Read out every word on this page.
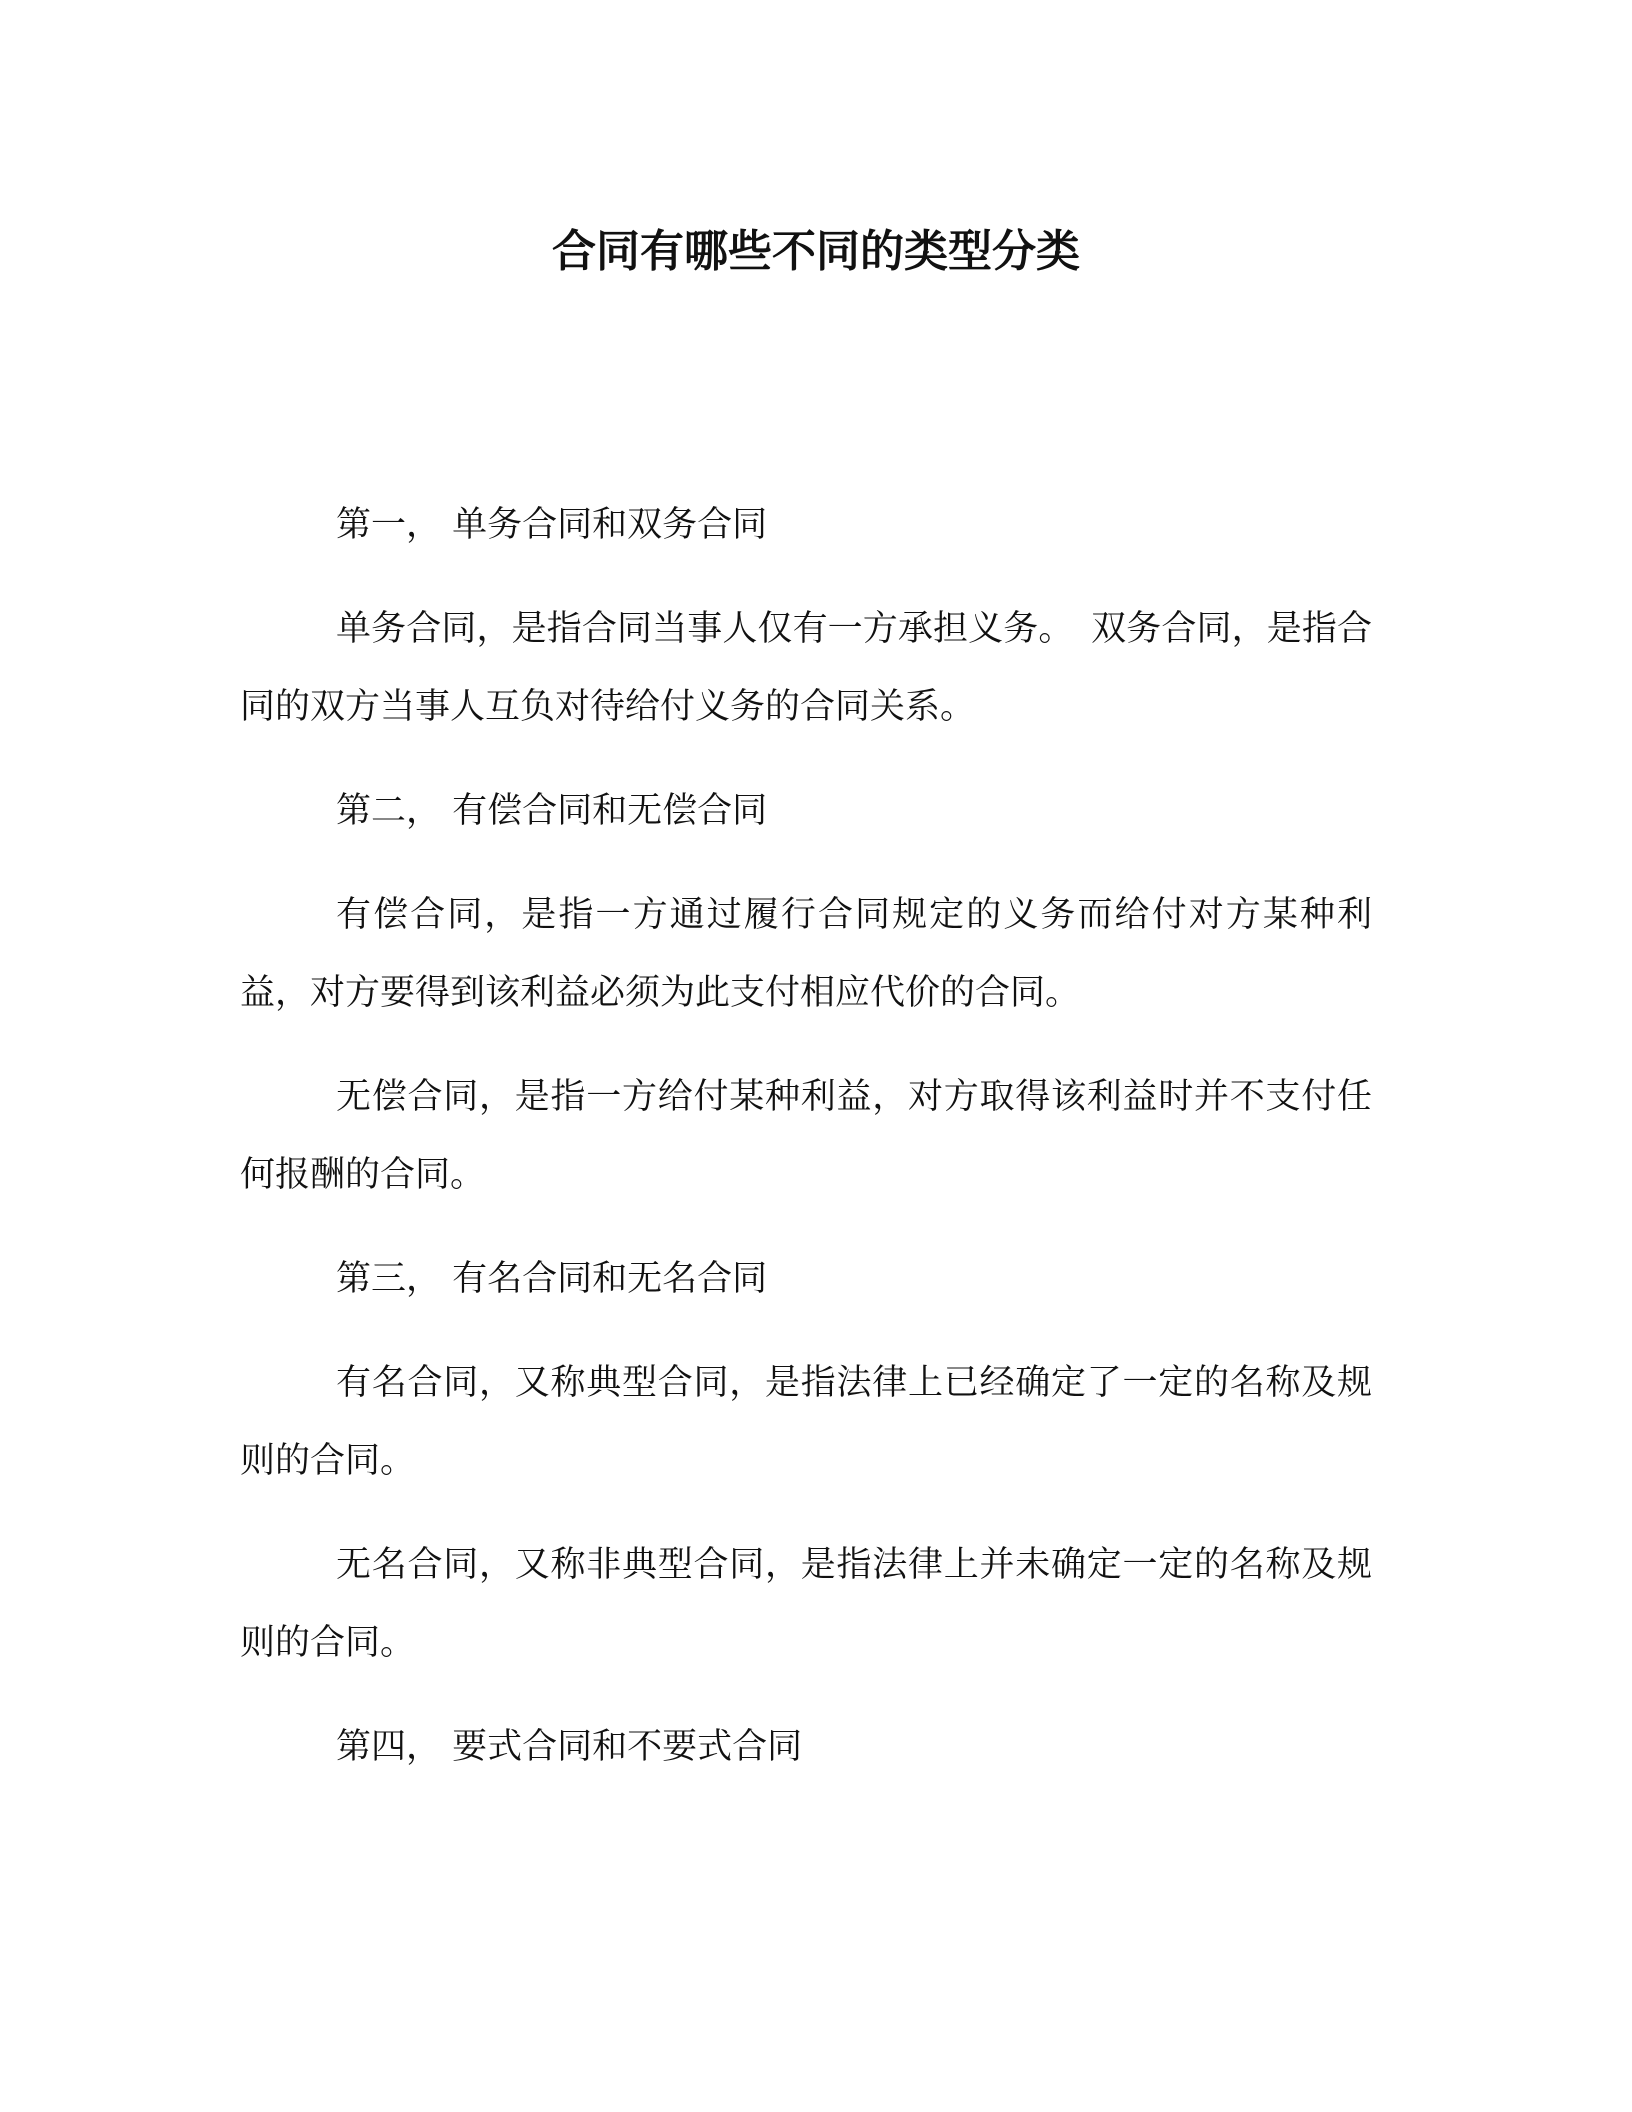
合同有哪些不同的类型分类
第一， 单务合同和双务合同
单务合同，是指合同当事人仅有一方承担义务。　双务合同，是指合同的双方当事人互负对待给付义务的合同关系。
第二， 有偿合同和无偿合同
有偿合同，是指一方通过履行合同规定的义务而给付对方某种利益，对方要得到该利益必须为此支付相应代价的合同。
无偿合同，是指一方给付某种利益，对方取得该利益时并不支付任何报酬的合同。
第三， 有名合同和无名合同
有名合同，又称典型合同，是指法律上已经确定了一定的名称及规则的合同。
无名合同，又称非典型合同，是指法律上并未确定一定的名称及规则的合同。
第四， 要式合同和不要式合同
